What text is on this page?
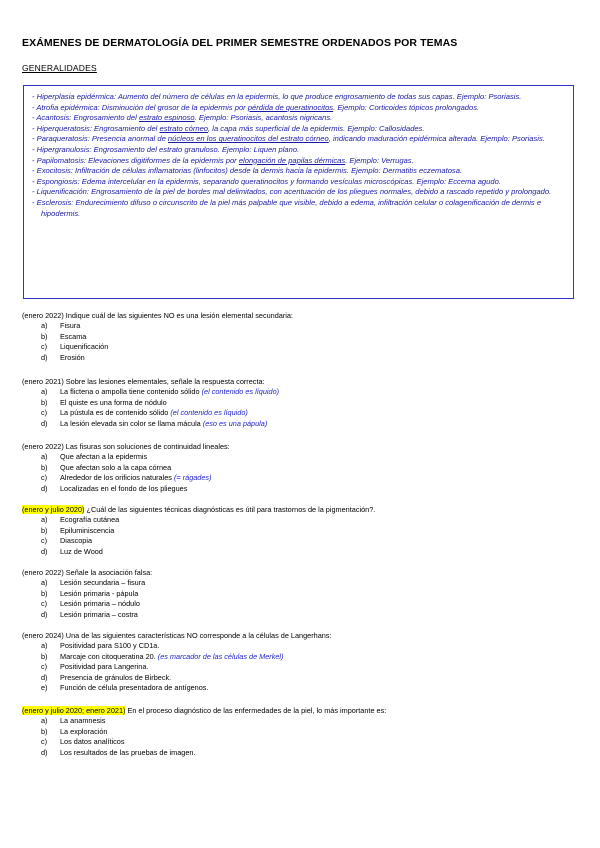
EXÁMENES DE DERMATOLOGÍA DEL PRIMER SEMESTRE ORDENADOS POR TEMAS
GENERALIDADES

- Hiperplasia epidérmica: Aumento del número de células en la epidermis, lo que produce engrosamiento de todas sus capas. Ejemplo: Psoriasis.

- Atrofia epidérmica: Disminución del grosor de la epidermis por pérdida de queratinocitos. Ejemplo: Corticoides tópicos prolongados.

- Acantosis: Engrosamiento del estrato espinoso. Ejemplo: Psoriasis, acantosis nigricans.

- Hiperqueratosis: Engrosamiento del estrato córneo, la capa más superficial de la epidermis. Ejemplo: Callosidades.

- Paraqueratosis: Presencia anormal de núcleos en los queratinocitos del estrato córneo, indicando maduración epidérmica alterada. Ejemplo: Psoriasis.

- Hipergranulosis: Engrosamiento del estrato granuloso. Ejemplo: Liquen plano.

- Papilomatosis: Elevaciones digitiformes de la epidermis por elongación de papilas dérmicas. Ejemplo: Verrugas.

- Exocitosis: Infiltración de células inflamatorias (linfocitos) desde la dermis hacia la epidermis. Ejemplo: Dermatitis eczematosa.

- Espongiosis: Edema intercelular en la epidermis, separando queratinocitos y formando vesículas microscópicas. Ejemplo: Eccema agudo.

- Liquenificación: Engrosamiento de la piel de bordes mal delimitados, con acentuación de los pliegues normales, debido a rascado repetido y prolongado.

- Esclerosis: Endurecimiento difuso o circunscrito de la piel más palpable que visible, debido a edema, infiltración celular o colagenificación de dermis e hipodermis.

(enero 2022) Indique cuál de las siguientes NO es una lesión elemental secundaria:

a) Fisura
b) Escama
c) Liquenificación
d) Erosión

(enero 2021) Sobre las lesiones elementales, señale la respuesta correcta:

a) La flictena o ampolla tiene contenido sólido (el contenido es líquido)
b) El quiste es una forma de nódulo
c) La pústula es de contenido sólido (el contenido es líquido)
d) La lesión elevada sin color se llama mácula (eso es una pápula)

(enero 2022) Las fisuras son soluciones de continuidad lineales:

a) Que afectan a la epidermis
b) Que afectan solo a la capa córnea
c) Alrededor de los orificios naturales (= rágades)
d) Localizadas en el fondo de los pliegues

(enero y julio 2020) ¿Cuál de las siguientes técnicas diagnósticas es útil para trastornos de la pigmentación?.

a) Ecografía cutánea
b) Epiluminiscencia
c) Diascopia
d) Luz de Wood

(enero 2022) Señale la asociación falsa:

a) Lesión secundaria – fisura
b) Lesión primaria - pápula
c) Lesión primaria – nódulo
d) Lesión primaria – costra

(enero 2024) Una de las siguientes características NO corresponde a la células de Langerhans:

a) Positividad para S100 y CD1a.
b) Marcaje con citoqueratina 20. (es marcador de las células de Merkel)
c) Positividad para Langerina.
d) Presencia de gránulos de Birbeck.
e) Función de célula presentadora de antígenos.

(enero y julio 2020; enero 2021) En el proceso diagnóstico de las enfermedades de la piel, lo más importante es:

a) La anamnesis
b) La exploración
c) Los datos analíticos
d) Los resultados de las pruebas de imagen.
